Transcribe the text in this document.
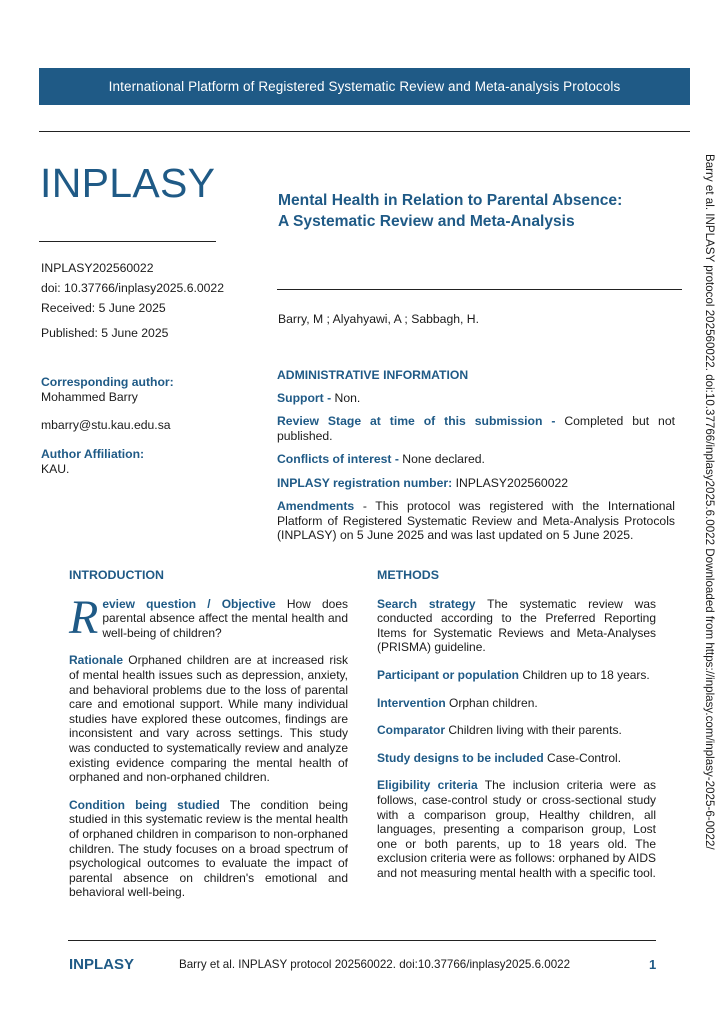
International Platform of Registered Systematic Review and Meta-analysis Protocols
INPLASY
INPLASY202560022
doi: 10.37766/inplasy2025.6.0022
Received: 5 June 2025
Published: 5 June 2025
Mental Health in Relation to Parental Absence:
A Systematic Review and Meta-Analysis
Barry, M ; Alyahyawi, A ; Sabbagh, H.
Corresponding author:
Mohammed Barry
mbarry@stu.kau.edu.sa
Author Affiliation:
KAU.
ADMINISTRATIVE INFORMATION

Support - Non.

Review Stage at time of this submission - Completed but not published.

Conflicts of interest - None declared.

INPLASY registration number: INPLASY202560022

Amendments - This protocol was registered with the International Platform of Registered Systematic Review and Meta-Analysis Protocols (INPLASY) on 5 June 2025 and was last updated on 5 June 2025.

INTRODUCTION

Review question / Objective How does parental absence affect the mental health and well-being of children?

Rationale Orphaned children are at increased risk of mental health issues such as depression, anxiety, and behavioral problems due to the loss of parental care and emotional support. While many individual studies have explored these outcomes, findings are inconsistent and vary across settings. This study was conducted to systematically review and analyze existing evidence comparing the mental health of orphaned and non-orphaned children.

Condition being studied The condition being studied in this systematic review is the mental health of orphaned children in comparison to non-orphaned children. The study focuses on a broad spectrum of psychological outcomes to evaluate the impact of parental absence on children's emotional and behavioral well-being.

METHODS

Search strategy The systematic review was conducted according to the Preferred Reporting Items for Systematic Reviews and Meta-Analyses (PRISMA) guideline.

Participant or population Children up to 18 years.

Intervention Orphan children.

Comparator Children living with their parents.

Study designs to be included Case-Control.

Eligibility criteria The inclusion criteria were as follows, case-control study or cross-sectional study with a comparison group, Healthy children, all languages, presenting a comparison group, Lost one or both parents, up to 18 years old. The exclusion criteria were as follows: orphaned by AIDS and not measuring mental health with a specific tool.

Barry et al. INPLASY protocol 202560022. doi:10.37766/inplasy2025.6.0022 Downloaded from https://inplasy.com/inplasy-2025-6-0022/
INPLASY	Barry et al. INPLASY protocol 202560022. doi:10.37766/inplasy2025.6.0022	1
